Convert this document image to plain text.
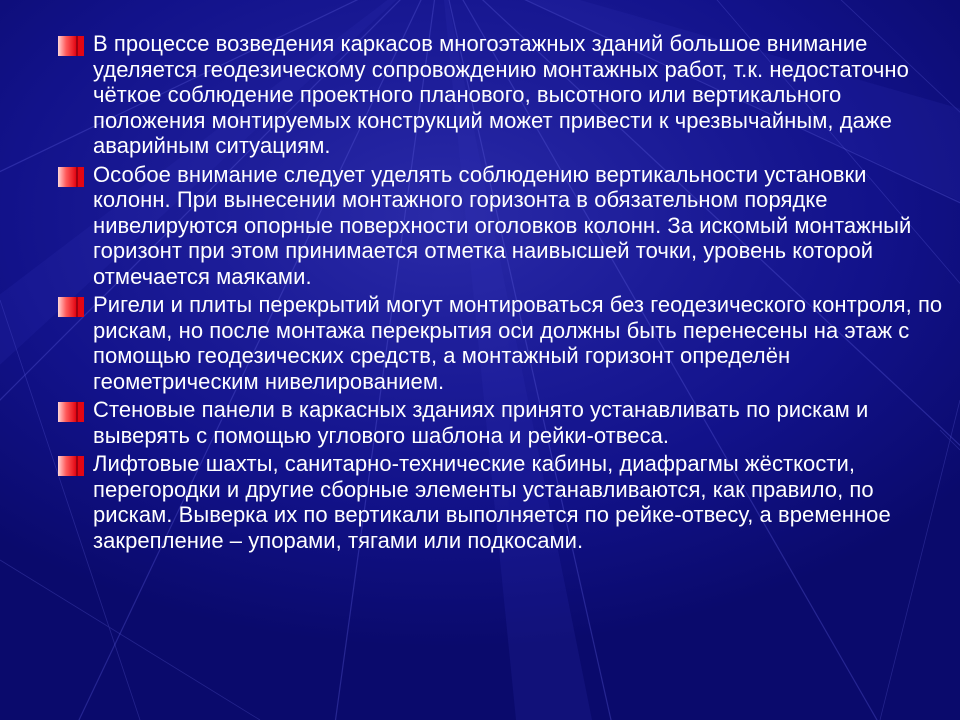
В процессе возведения каркасов многоэтажных зданий большое внимание уделяется геодезическому сопровождению монтажных работ, т.к. недостаточно чёткое соблюдение проектного планового, высотного или вертикального положения монтируемых конструкций может привести к чрезвычайным, даже аварийным ситуациям.
Особое внимание следует уделять соблюдению вертикальности установки колонн. При вынесении монтажного горизонта в обязательном порядке нивелируются опорные поверхности оголовков колонн. За искомый монтажный горизонт при этом принимается отметка наивысшей точки, уровень которой отмечается маяками.
Ригели и плиты перекрытий могут монтироваться без геодезического контроля, по рискам, но после монтажа перекрытия оси должны быть перенесены на этаж с помощью геодезических средств, а монтажный горизонт определён геометрическим нивелированием.
Стеновые панели в каркасных зданиях принято устанавливать по рискам и выверять с помощью углового шаблона и рейки-отвеса.
Лифтовые шахты, санитарно-технические кабины, диафрагмы жёсткости, перегородки и другие сборные элементы устанавливаются, как правило, по рискам. Выверка их по вертикали выполняется по рейке-отвесу, а временное закрепление – упорами, тягами или подкосами.
